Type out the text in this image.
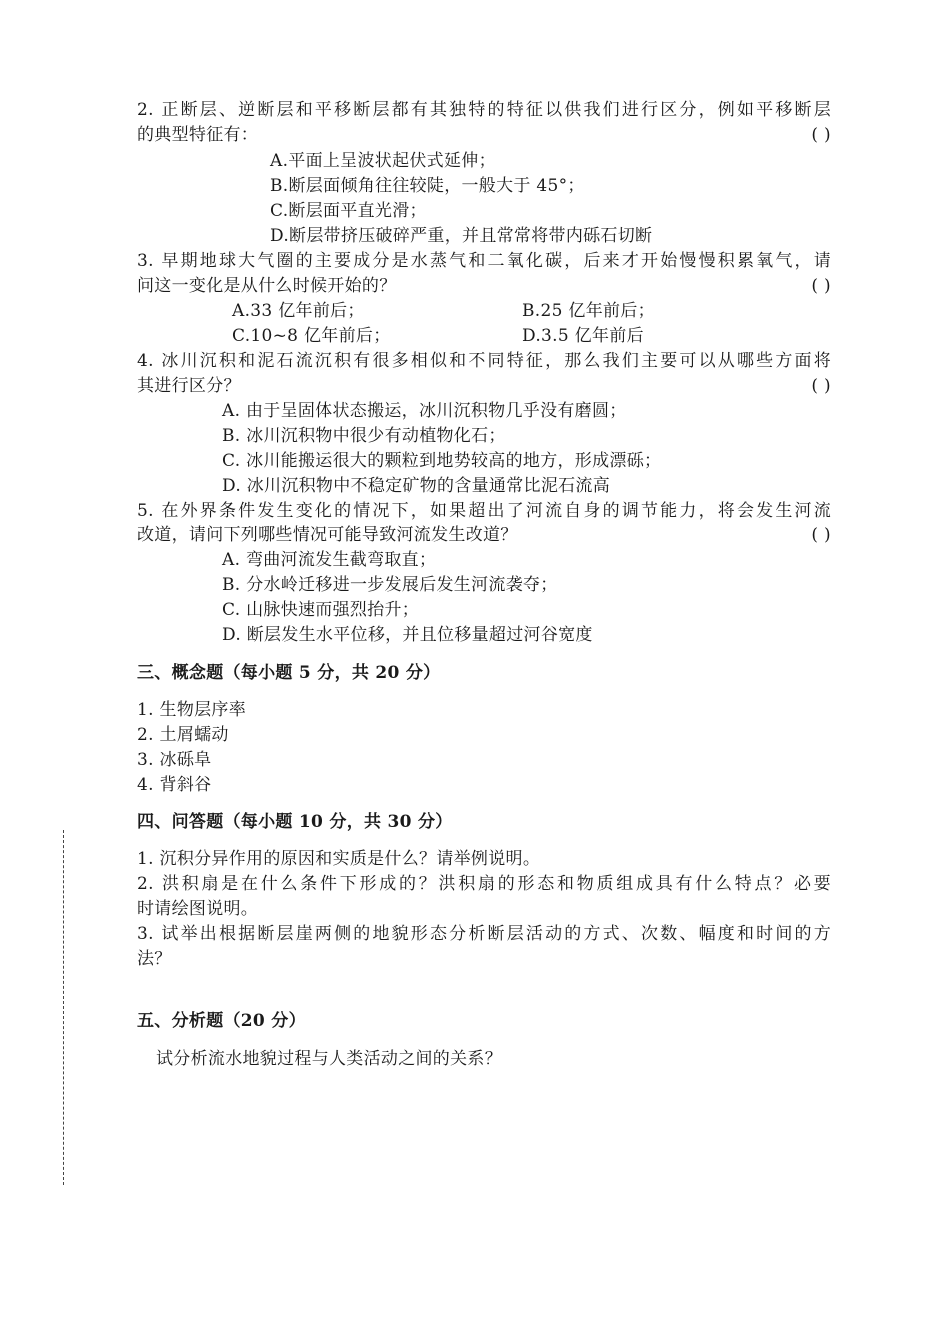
2. 正断层、逆断层和平移断层都有其独特的特征以供我们进行区分，例如平移断层
的典型特征有：	( )
A.平面上呈波状起伏式延伸；
B.断层面倾角往往较陡，一般大于 45°；
C.断层面平直光滑；
D.断层带挤压破碎严重，并且常常将带内砾石切断
3. 早期地球大气圈的主要成分是水蒸气和二氧化碳，后来才开始慢慢积累氧气，请
问这一变化是从什么时候开始的？	( )
A.33 亿年前后；	B.25 亿年前后；
C.10~8 亿年前后；	D.3.5 亿年前后
4. 冰川沉积和泥石流沉积有很多相似和不同特征，那么我们主要可以从哪些方面将
其进行区分？	( )
A. 由于呈固体状态搬运，冰川沉积物几乎没有磨圆；
B. 冰川沉积物中很少有动植物化石；
C. 冰川能搬运很大的颗粒到地势较高的地方，形成漂砾；
D. 冰川沉积物中不稳定矿物的含量通常比泥石流高
5. 在外界条件发生变化的情况下，如果超出了河流自身的调节能力，将会发生河流
改道，请问下列哪些情况可能导致河流发生改道？	( )
A. 弯曲河流发生截弯取直；
B. 分水岭迁移进一步发展后发生河流袭夺；
C. 山脉快速而强烈抬升；
D. 断层发生水平位移，并且位移量超过河谷宽度
三、概念题（每小题 5 分，共 20 分）
1. 生物层序率
2. 土屑蠕动
3. 冰砾阜
4. 背斜谷
四、问答题（每小题 10 分，共 30 分）
1. 沉积分异作用的原因和实质是什么？请举例说明。
2. 洪积扇是在什么条件下形成的？洪积扇的形态和物质组成具有什么特点？必要
时请绘图说明。
3. 试举出根据断层崖两侧的地貌形态分析断层活动的方式、次数、幅度和时间的方
法？
五、分析题（20 分）
试分析流水地貌过程与人类活动之间的关系？
